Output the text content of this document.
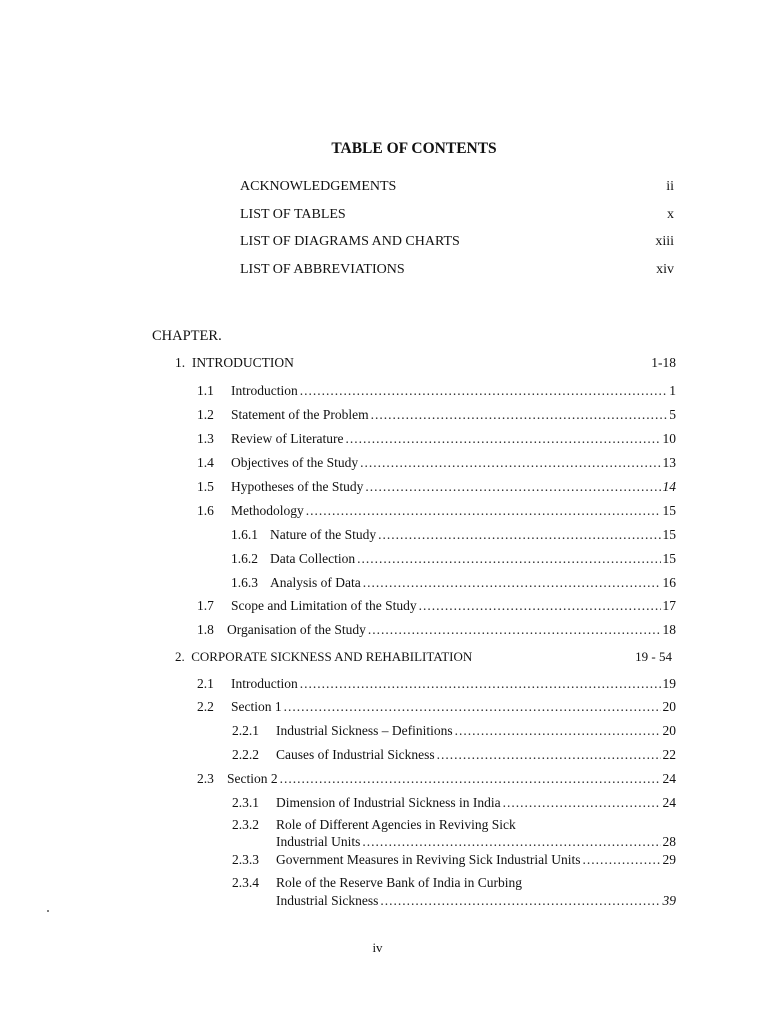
TABLE OF CONTENTS
ACKNOWLEDGEMENTS	ii
LIST OF TABLES	x
LIST OF DIAGRAMS AND CHARTS	xiii
LIST OF ABBREVIATIONS	xiv
CHAPTER.
1. INTRODUCTION	1-18
1.1	Introduction .....	1
1.2	Statement of the Problem .....	5
1.3	Review of Literature .....	10
1.4	Objectives of the Study .....	13
1.5	Hypotheses of the Study .....	14
1.6	Methodology .....	15
1.6.1 Nature of the Study .....	15
1.6.2 Data Collection .....	15
1.6.3 Analysis of Data .....	16
1.7	Scope and Limitation of the Study .....	17
1.8 Organisation of the Study .....	18
2. CORPORATE SICKNESS AND REHABILITATION	19 - 54
2.1	Introduction .....	19
2.2	Section 1 .....	20
2.2.1	Industrial Sickness – Definitions .....	20
2.2.2	Causes of Industrial Sickness .....	22
2.3 Section 2 .....	24
2.3.1	Dimension of Industrial Sickness in India .....	24
2.3.2 Role of Different Agencies in Reviving Sick
Industrial Units .....	28
2.3.3	Government Measures in Reviving Sick Industrial Units .....	29
2.3.4 Role of the Reserve Bank of India in Curbing
Industrial Sickness .....	39
iv
